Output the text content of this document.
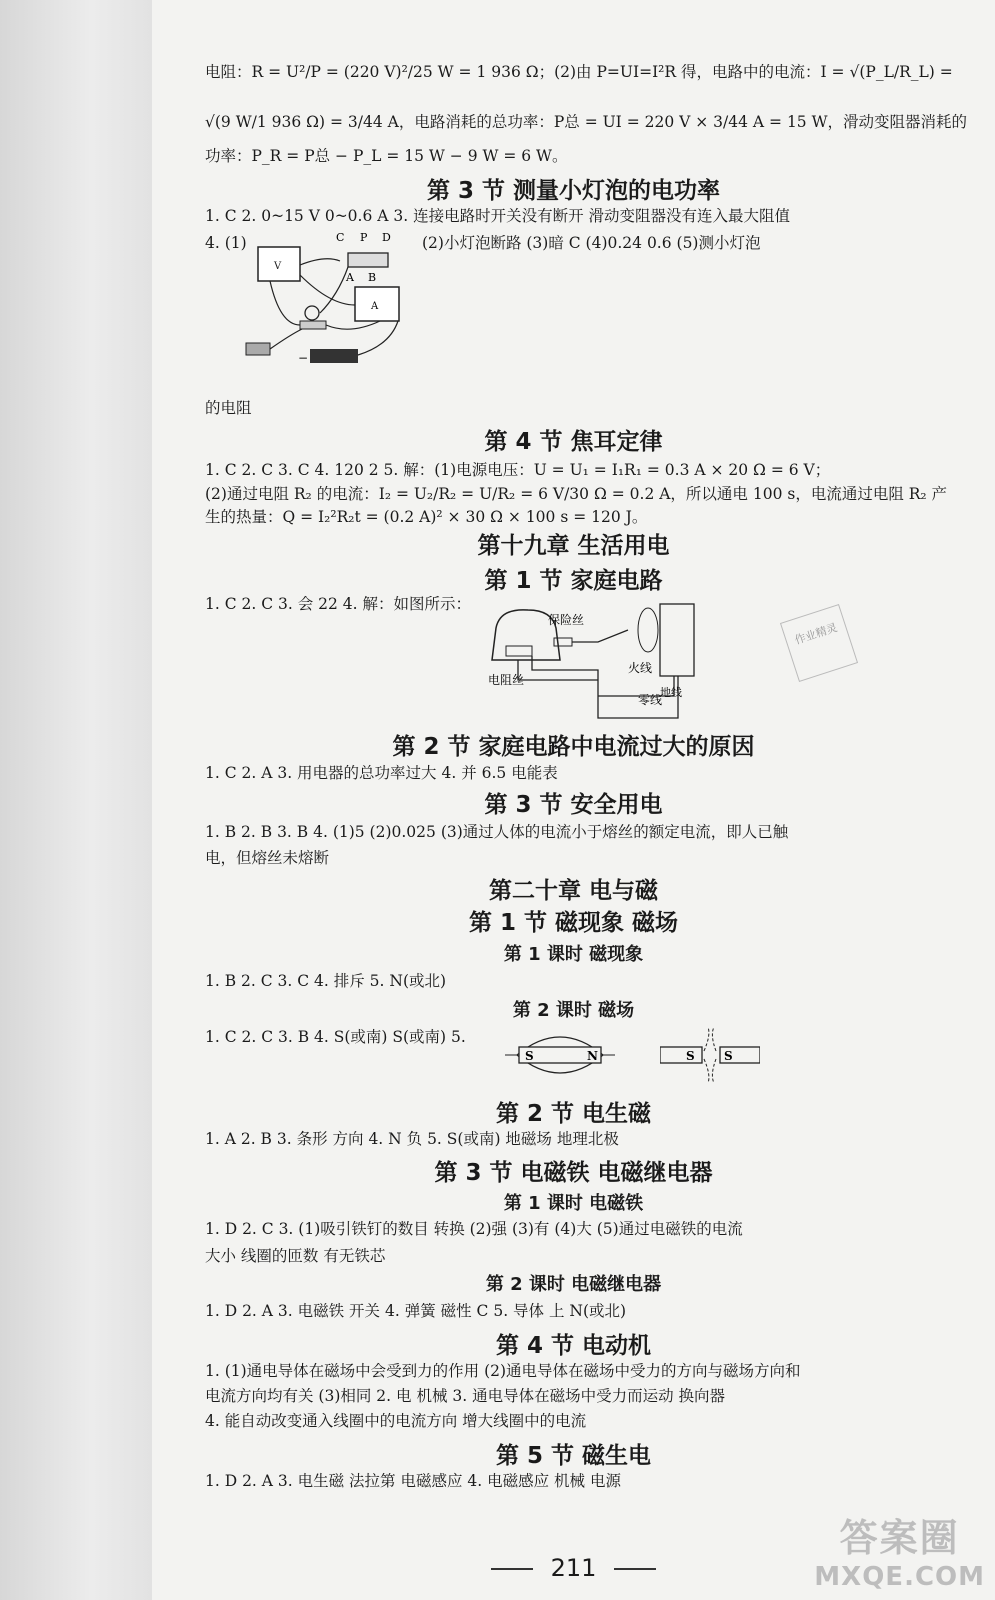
电阻：R = U²/P = (220 V)²/25 W = 1 936 Ω；(2)由 P=UI=I²R 得，电路中的电流：I = √(P_L/R_L) =
√(9 W/1 936 Ω) = 3/44 A，电路消耗的总功率：P总 = UI = 220 V × 3/44 A = 15 W，滑动变阻器消耗的
功率：P_R = P总 − P_L = 15 W − 9 W = 6 W。
第 3 节 测量小灯泡的电功率
1. C 2. 0~15 V 0~0.6 A 3. 连接电路时开关没有断开 滑动变阻器没有连入最大阻值
4. (1)	(2)小灯泡断路 (3)暗 C (4)0.24 0.6 (5)测小灯泡
V
C P D
A B
A
−
的电阻
第 4 节 焦耳定律
1. C 2. C 3. C 4. 120 2 5. 解：(1)电源电压：U = U₁ = I₁R₁ = 0.3 A × 20 Ω = 6 V；
(2)通过电阻 R₂ 的电流：I₂ = U₂/R₂ = U/R₂ = 6 V/30 Ω = 0.2 A，所以通电 100 s，电流通过电阻 R₂ 产
生的热量：Q = I₂²R₂t = (0.2 A)² × 30 Ω × 100 s = 120 J。
第十九章 生活用电
第 1 节 家庭电路
1. C 2. C 3. 会 22 4. 解：如图所示：
保险丝
火线
地线
零线
电阻丝
作业精灵
第 2 节 家庭电路中电流过大的原因
1. C 2. A 3. 用电器的总功率过大 4. 并 6.5 电能表
第 3 节 安全用电
1. B 2. B 3. B 4. (1)5 (2)0.025 (3)通过人体的电流小于熔丝的额定电流，即人已触
电，但熔丝未熔断
第二十章 电与磁
第 1 节 磁现象 磁场
第 1 课时 磁现象
1. B 2. C 3. C 4. 排斥 5. N(或北)
第 2 课时 磁场
1. C 2. C 3. B 4. S(或南) S(或南) 5.
S	N	S S
第 2 节 电生磁
1. A 2. B 3. 条形 方向 4. N 负 5. S(或南) 地磁场 地理北极
第 3 节 电磁铁 电磁继电器
第 1 课时 电磁铁
1. D 2. C 3. (1)吸引铁钉的数目 转换 (2)强 (3)有 (4)大 (5)通过电磁铁的电流
大小 线圈的匝数 有无铁芯
第 2 课时 电磁继电器
1. D 2. A 3. 电磁铁 开关 4. 弹簧 磁性 C 5. 导体 上 N(或北)
第 4 节 电动机
1. (1)通电导体在磁场中会受到力的作用 (2)通电导体在磁场中受力的方向与磁场方向和
电流方向均有关 (3)相同 2. 电 机械 3. 通电导体在磁场中受力而运动 换向器
4. 能自动改变通入线圈中的电流方向 增大线圈中的电流
第 5 节 磁生电
1. D 2. A 3. 电生磁 法拉第 电磁感应 4. 电磁感应 机械 电源
211
答案圈
MXQE.COM
